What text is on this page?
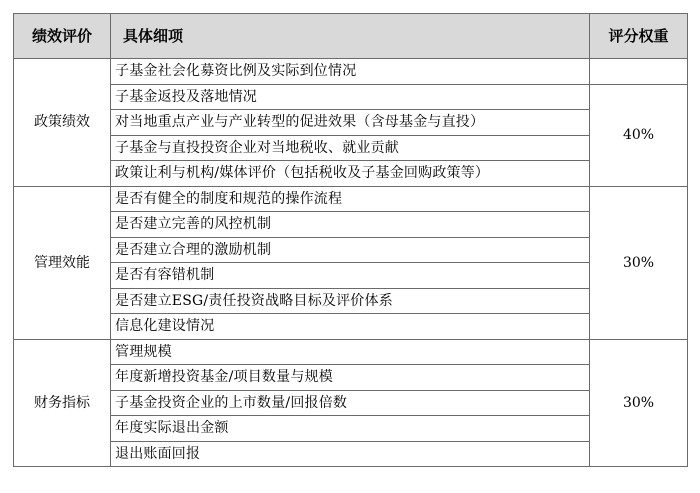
绩效评价	具体细项	评分权重
政策绩效	子基金社会化募资比例及实际到位情况	
	子基金返投及落地情况	40%
	对当地重点产业与产业转型的促进效果（含母基金与直投）	
	子基金与直投投资企业对当地税收、就业贡献	
	政策让利与机构/媒体评价（包括税收及子基金回购政策等）	
管理效能	是否有健全的制度和规范的操作流程	30%
	是否建立完善的风控机制	
	是否建立合理的激励机制	
	是否有容错机制	
	是否建立ESG/责任投资战略目标及评价体系	
	信息化建设情况	
财务指标	管理规模	30%
	年度新增投资基金/项目数量与规模	
	子基金投资企业的上市数量/回报倍数	
	年度实际退出金额	
	退出账面回报	
